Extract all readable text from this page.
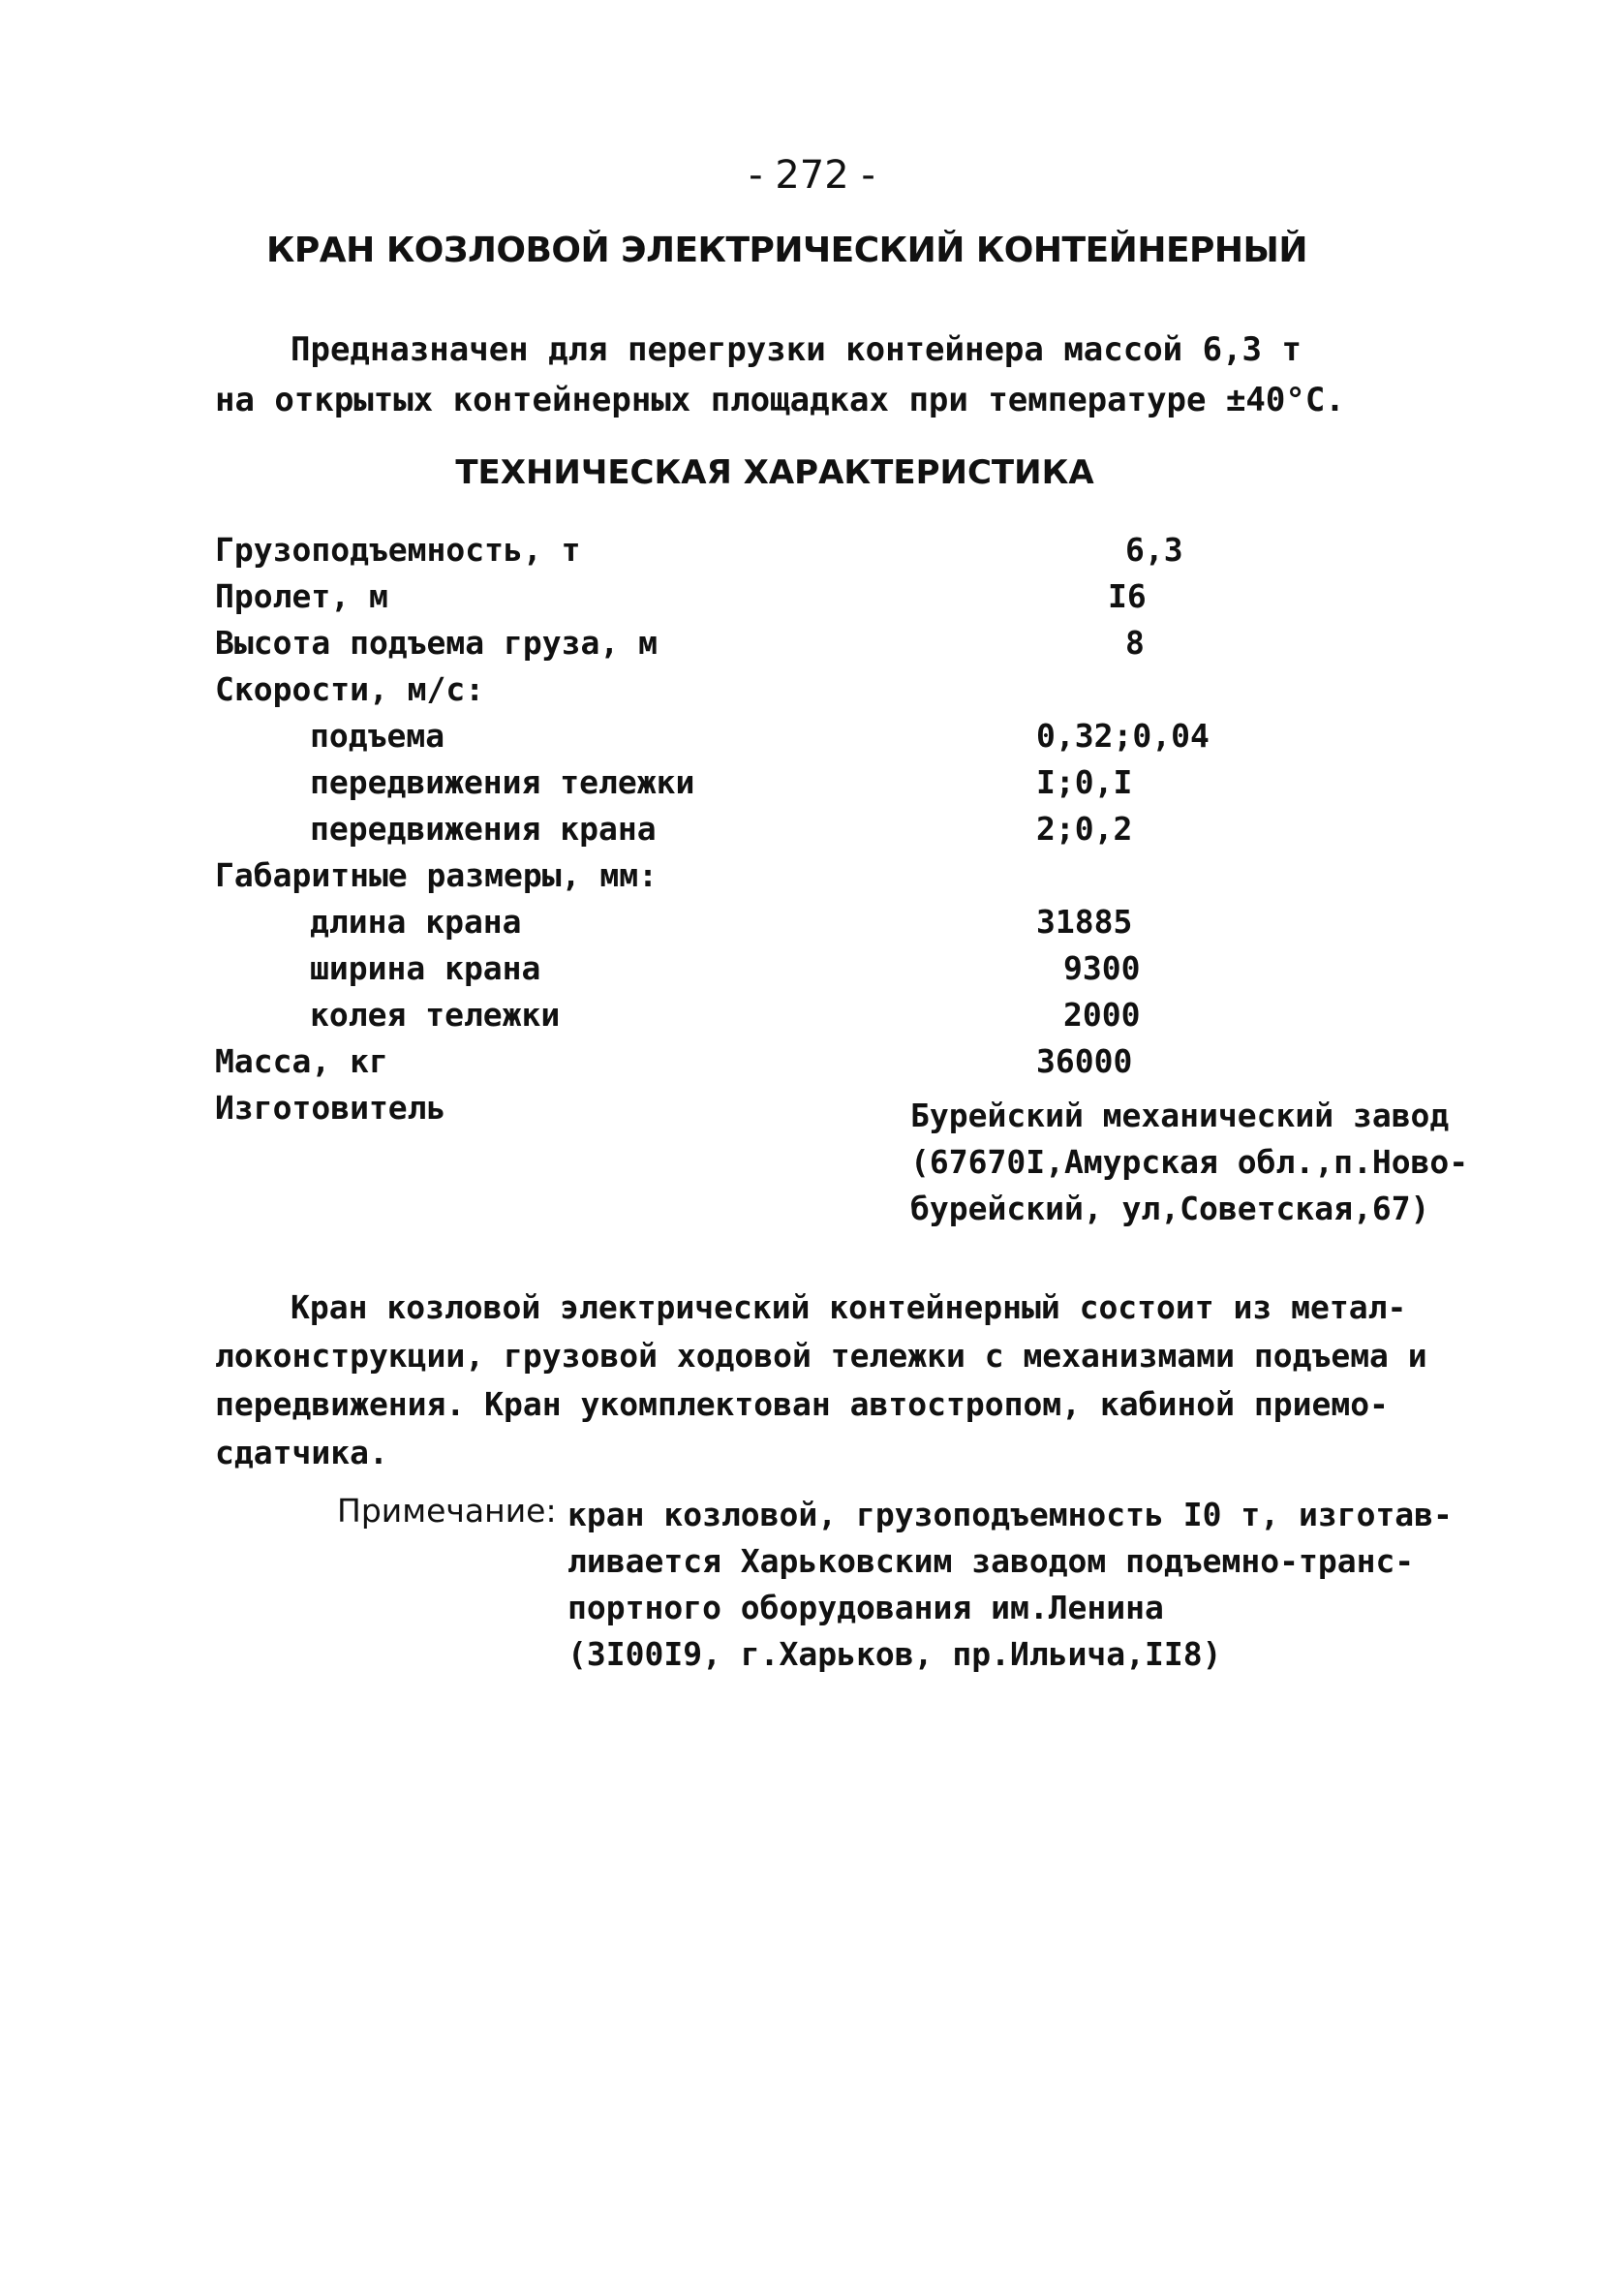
- 272 -
КРАН КОЗЛОВОЙ ЭЛЕКТРИЧЕСКИЙ КОНТЕЙНЕРНЫЙ
Предназначен для перегрузки контейнера массой 6,3 т
на открытых контейнерных площадках при температуре ±40°C.
ТЕХНИЧЕСКАЯ ХАРАКТЕРИСТИКА
Грузоподъемность, т	6,3
Пролет, м	I6
Высота подъема груза, м	8
Скорости, м/с:
подъема	0,32;0,04
передвижения тележки	I;0,I
передвижения крана	2;0,2
Габаритные размеры, мм:
длина крана	31885
ширина крана	9300
колея тележки	2000
Масса, кг	36000
Изготовитель	Бурейский механический завод
(67670I,Амурская обл.,п.Ново-
бурейский, ул,Советская,67)
Кран козловой электрический контейнерный состоит из метал-
локонструкции, грузовой ходовой тележки с механизмами подъема и
передвижения. Кран укомплектован автостропом, кабиной приемо-
сдатчика.
Примечание: кран козловой, грузоподъемность I0 т, изготав-
ливается Харьковским заводом подъемно-транс-
портного оборудования им.Ленина
(3I00I9, г.Харьков, пр.Ильича,II8)
